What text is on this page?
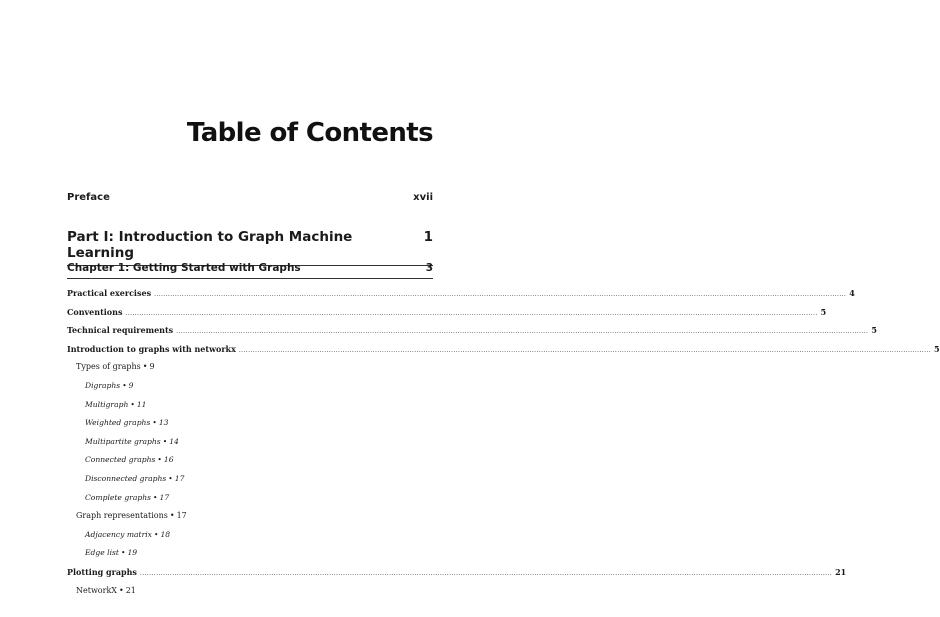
Table of Contents
Preface	xvii
Part I: Introduction to Graph Machine Learning
1
Chapter 1: Getting Started with Graphs	3
Practical exercises ............................................................................................................................................................................................................................................................................................................ 4
Conventions ............................................................................................................................................................................................................................................................................................................ 5
Technical requirements ............................................................................................................................................................................................................................................................................................................ 5
Introduction to graphs with networkx ............................................................................................................................................................................................................................................................................................................ 5
Types of graphs • 9
Digraphs • 9
Multigraph • 11
Weighted graphs • 13
Multipartite graphs • 14
Connected graphs • 16
Disconnected graphs • 17
Complete graphs • 17
Graph representations • 17
Adjacency matrix • 18
Edge list • 19
Plotting graphs ............................................................................................................................................................................................................................................................................................................ 21
NetworkX • 21
